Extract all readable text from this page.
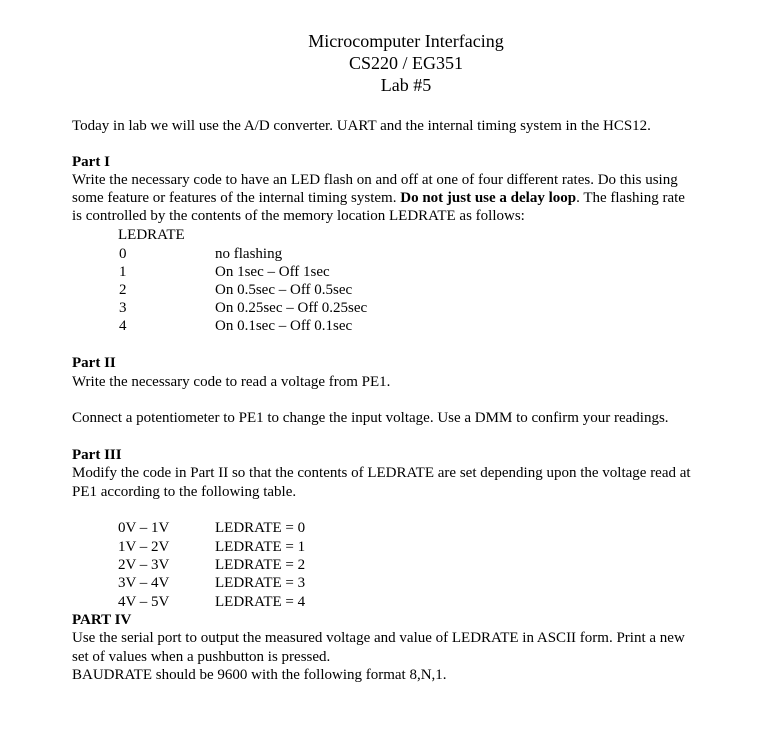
Microcomputer Interfacing
CS220 / EG351
Lab #5
Today in lab we will use the A/D converter. UART and the internal timing system in the HCS12.
Part I
Write the necessary code to have an LED flash on and off at one of four different rates. Do this using
some feature or features of the internal timing system. Do not just use a delay loop. The flashing rate
is controlled by the contents of the memory location LEDRATE as follows:
LEDRATE
0	no flashing
1	On 1sec – Off 1sec
2	On 0.5sec – Off 0.5sec
3	On 0.25sec – Off 0.25sec
4	On 0.1sec – Off 0.1sec
Part II
Write the necessary code to read a voltage from PE1.
Connect a potentiometer to PE1 to change the input voltage. Use a DMM to confirm your readings.
Part III
Modify the code in Part II so that the contents of LEDRATE are set depending upon the voltage read at
PE1 according to the following table.
0V – 1V	LEDRATE = 0
1V – 2V	LEDRATE = 1
2V – 3V	LEDRATE = 2
3V – 4V	LEDRATE = 3
4V – 5V	LEDRATE = 4
PART IV
Use the serial port to output the measured voltage and value of LEDRATE in ASCII form. Print a new
set of values when a pushbutton is pressed.
BAUDRATE should be 9600 with the following format 8,N,1.
